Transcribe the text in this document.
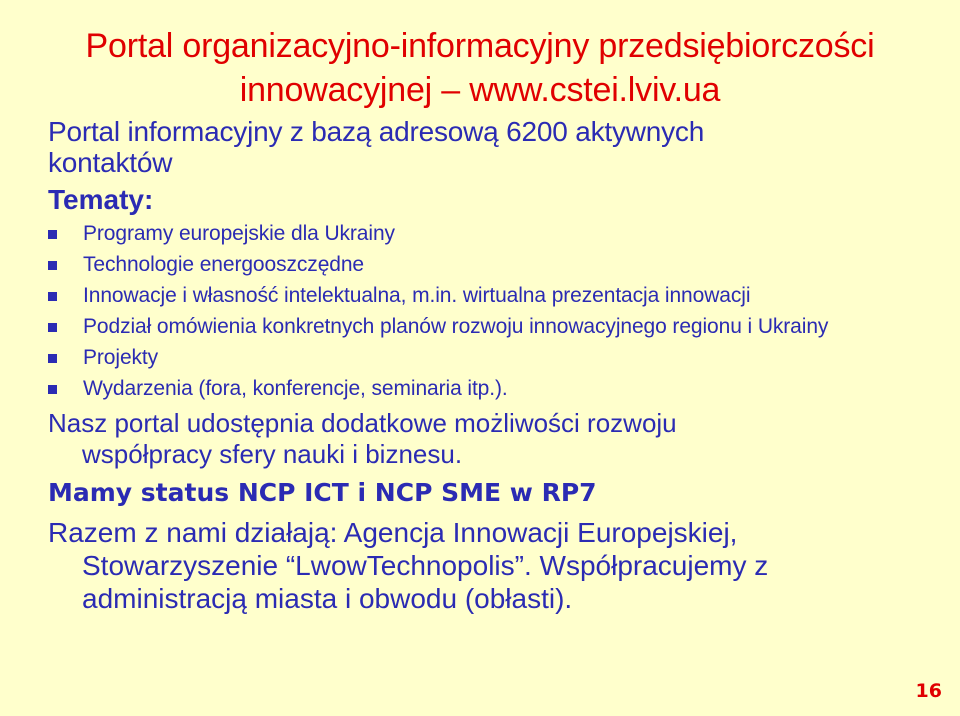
Portal organizacyjno-informacyjny przedsiębiorczości
innowacyjnej – www.cstei.lviv.ua
Portal informacyjny z bazą adresową 6200 aktywnych
kontaktów
Tematy:
Programy europejskie dla Ukrainy
Technologie energooszczędne
Innowacje i własność intelektualna, m.in. wirtualna prezentacja innowacji
Podział omówienia konkretnych planów rozwoju innowacyjnego regionu i Ukrainy
Projekty
Wydarzenia (fora, konferencje, seminaria itp.).
Nasz portal udostępnia dodatkowe możliwości rozwoju
współpracy sfery nauki i biznesu.
Mamy status NCP ICT i NCP SME w RP7
Razem z nami działają: Agencja Innowacji Europejskiej,
Stowarzyszenie “LwowTechnopolis”. Współpracujemy z
administracją miasta i obwodu (obłasti).
16
